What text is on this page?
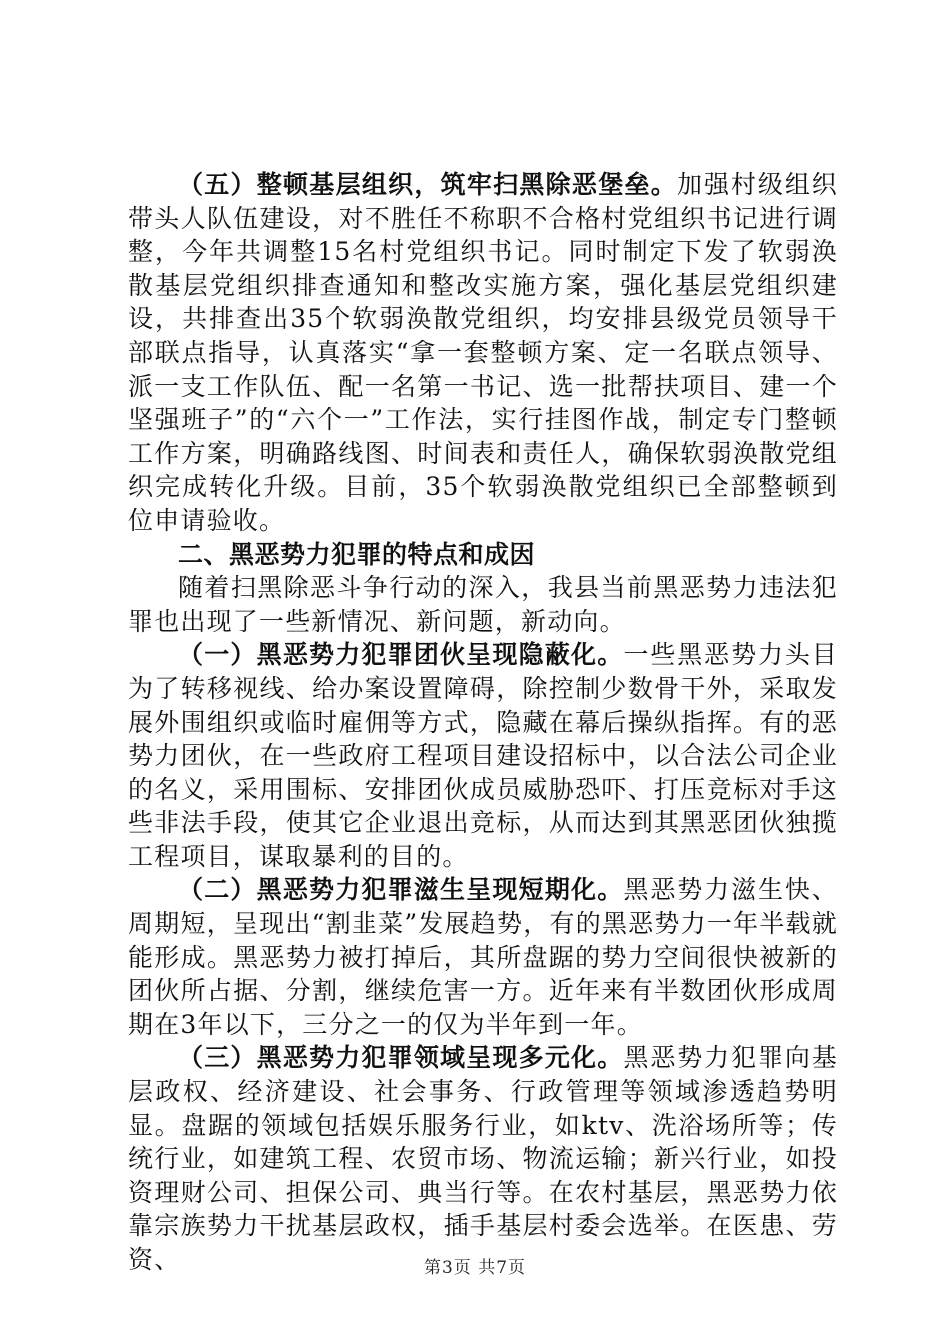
（五）整顿基层组织，筑牢扫黑除恶堡垒。加强村级组织带头人队伍建设，对不胜任不称职不合格村党组织书记进行调整，今年共调整15名村党组织书记。同时制定下发了软弱涣散基层党组织排查通知和整改实施方案，强化基层党组织建设，共排查出35个软弱涣散党组织，均安排县级党员领导干部联点指导，认真落实“拿一套整顿方案、定一名联点领导、派一支工作队伍、配一名第一书记、选一批帮扶项目、建一个坚强班子”的“六个一”工作法，实行挂图作战，制定专门整顿工作方案，明确路线图、时间表和责任人，确保软弱涣散党组织完成转化升级。目前，35个软弱涣散党组织已全部整顿到位申请验收。

二、黑恶势力犯罪的特点和成因

随着扫黑除恶斗争行动的深入，我县当前黑恶势力违法犯罪也出现了一些新情况、新问题，新动向。

（一）黑恶势力犯罪团伙呈现隐蔽化。一些黑恶势力头目为了转移视线、给办案设置障碍，除控制少数骨干外，采取发展外围组织或临时雇佣等方式，隐藏在幕后操纵指挥。有的恶势力团伙，在一些政府工程项目建设招标中，以合法公司企业的名义，采用围标、安排团伙成员威胁恐吓、打压竞标对手这些非法手段，使其它企业退出竞标，从而达到其黑恶团伙独揽工程项目，谋取暴利的目的。

（二）黑恶势力犯罪滋生呈现短期化。黑恶势力滋生快、周期短，呈现出“割韭菜”发展趋势，有的黑恶势力一年半载就能形成。黑恶势力被打掉后，其所盘踞的势力空间很快被新的团伙所占据、分割，继续危害一方。近年来有半数团伙形成周期在3年以下，三分之一的仅为半年到一年。

（三）黑恶势力犯罪领域呈现多元化。黑恶势力犯罪向基层政权、经济建设、社会事务、行政管理等领域渗透趋势明显。盘踞的领域包括娱乐服务行业，如ktv、洗浴场所等；传统行业，如建筑工程、农贸市场、物流运输；新兴行业，如投资理财公司、担保公司、典当行等。在农村基层，黑恶势力依靠宗族势力干扰基层政权，插手基层村委会选举。在医患、劳资、	第3页 共7页
